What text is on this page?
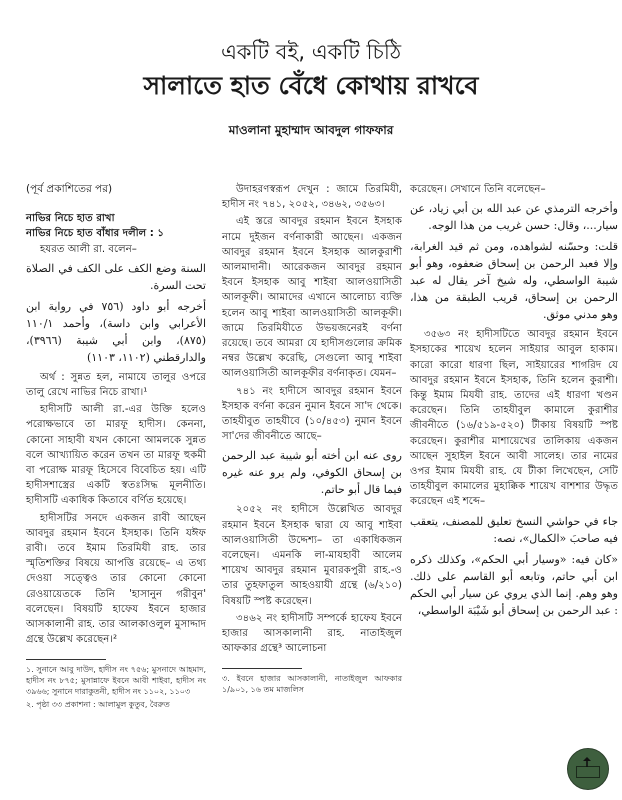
একটি বই, একটি চিঠি
সালাতে হাত বেঁধে কোথায় রাখবে
মাওলানা মুহাম্মাদ আবদুল গাফফার

(পূর্ব প্রকাশিতের পর)

নাভির নিচে হাত রাখা

নাভির নিচে হাত বাঁধার দলীল : ১

হযরত আলী রা. বলেন–

السنة وضع الكف على الكف في الصلاة تحت السرة.

أخرجه أبو داود (٧٥٦ في رواية ابن الأعرابي وابن داسة)، وأحمد ١١٠/١ (٨٧٥)، وابن أبي شيبة (٣٩٦٦)، والدارقطني (١١٠٢، ١١٠٣)

অর্থ : সুন্নত হল, নামাযে তালুর ওপরে তালু রেখে নাভির নিচে রাখা।¹

হাদীসটি আলী রা.-এর উক্তি হলেও পরোক্ষভাবে তা মারফূ হাদীস। কেননা, কোনো সাহাবী যখন কোনো আমলকে সুন্নত বলে আখ্যায়িত করেন তখন তা মারফূ হুকমী বা পরোক্ষ মারফূ হিসেবে বিবেচিত হয়। এটি হাদীসশাস্ত্রের একটি স্বতঃসিদ্ধ মূলনীতি। হাদীসটি একাধিক কিতাবে বর্ণিত হয়েছে।

হাদীসটির সনদে একজন রাবী আছেন আবদুর রহমান ইবনে ইসহাক। তিনি যঈফ রাবী। তবে ইমাম তিরমিযী রাহ. তার স্মৃতিশক্তির বিষয়ে আপত্তি রয়েছে– এ তথ্য দেওয়া সত্ত্বেও তার কোনো কোনো রেওয়ায়েতকে তিনি 'হাসানুন গরীবুন' বলেছেন। বিষয়টি হাফেয ইবনে হাজার আসকালানী রাহ. তার আলকাওলুল মুসাদ্দাদ গ্রন্থে উল্লেখ করেছেন।²

১. সুনানে আবু দাউদ, হাদীস নং ৭৫৬; মুসনাদে আহমাদ, হাদীস নং ৮৭৫; মুসান্নাফে ইবনে আবী শাইবা, হাদীস নং ৩৯৬৬; সুনানে দারাকুতনী, হাদীস নং ১১০২, ১১০৩

২. পৃষ্ঠা ৩৩ প্রকাশনা : আলামুল কুতুব, বৈরুত

উদাহরণস্বরূপ দেখুন : জামে তিরমিযী, হাদীস নং ৭৪১, ২০৫২, ৩৪৬২, ৩৫৬৩।

এই স্তরে আবদুর রহমান ইবনে ইসহাক নামে দুইজন বর্ণনাকারী আছেন। একজন আবদুর রহমান ইবনে ইসহাক আলকুরাশী আলমাদানী। আরেকজন আবদুর রহমান ইবনে ইসহাক আবু শাইবা আলওয়াসিতী আলকূফী। আমাদের এখানে আলোচ্য ব্যক্তি হলেন আবু শাইবা আলওয়াসিতী আলকূফী। জামে তিরমিযীতে উভয়জনেরই বর্ণনা রয়েছে। তবে আমরা যে হাদীসগুলোর ক্রমিক নম্বর উল্লেখ করেছি, সেগুলো আবু শাইবা আলওয়াসিতী আলকূফীর বর্ণনাকৃত। যেমন–

৭৪১ নং হাদীসে আবদুর রহমান ইবনে ইসহাক বর্ণনা করেন নুমান ইবনে সা'দ থেকে। তাহযীবুত তাহযীবে (১০/৪৫৩) নুমান ইবনে সা'দের জীবনীতে আছে–

روى عنه ابن أخته أبو شيبة عبد الرحمن بن إسحاق الكوفي، ولم يرو عنه غيره فيما قال أبو حاتم.

২০৫২ নং হাদীসে উল্লেখিত আবদুর রহমান ইবনে ইসহাক দ্বারা যে আবু শাইবা আলওয়াসিতী উদ্দেশ্য– তা একাধিকজন বলেছেন। এমনকি লা-মাযহাবী আলেম শায়েখ আবদুর রহমান মুবারকপুরী রাহ.-ও তার তুহফাতুল আহওয়াযী গ্রন্থে (৬/২১০) বিষয়টি স্পষ্ট করেছেন।

৩৪৬২ নং হাদীসটি সম্পর্কে হাফেয ইবনে হাজার আসকালানী রাহ. নাতাইজুল আফকার গ্রন্থে³ আলোচনা

৩. ইবনে হাজার আসকালানী, নাতাইজুল আফকার ১/৯০১, ১৬ তম মাজলিস

করেছেন। সেখানে তিনি বলেছেন–

وأخرجه الترمذي عن عبد الله بن أبي زياد، عن سيار...، وقال: حسن غريب من هذا الوجه.

قلت: وحسّنه لشواهده، ومن ثم قيد الغرابة، وإلا فعبد الرحمن بن إسحاق ضعفوه، وهو أبو شيبة الواسطي، وله شيخ آخر يقال له عبد الرحمن بن إسحاق، قريب الطبقة من هذا، وهو مدني موثق.

৩৫৬৩ নং হাদীসটিতে আবদুর রহমান ইবনে ইসহাকের শায়েখ হলেন সাইয়ার আবুল হাকাম। কারো কারো ধারণা ছিল, সাইয়ারের শাগরিদ যে আবদুর রহমান ইবনে ইসহাক, তিনি হলেন কুরাশী। কিন্তু ইমাম মিযযী রাহ. তাদের এই ধারণা খণ্ডন করেছেন। তিনি তাহযীবুল কামালে কুরাশীর জীবনীতে (১৬/৫১৯-৫২০) টীকায় বিষয়টি স্পষ্ট করেছেন। কুরাশীর মাশায়েখের তালিকায় একজন আছেন সুহাইল ইবনে আবী সালেহ। তার নামের ওপর ইমাম মিযযী রাহ. যে টীকা লিখেছেন, সেটি তাহযীবুল কামালের মুহাক্কিক শায়েখ বাশশার উদ্ধৃত করেছেন এই শব্দে–

جاء في حواشي النسخ تعليق للمصنف، يتعقب فيه صاحبَ «الكمال»، نصه:

«كان فيه: «وسيار أبي الحكم»، وكذلك ذكره ابن أبي حاتم، وتابعه أبو القاسم على ذلك. وهو وهم. إنما الذي يروي عن سيار أبي الحكم : عبد الرحمن بن إسحاق أبو شَيْبَة الواسطي،
